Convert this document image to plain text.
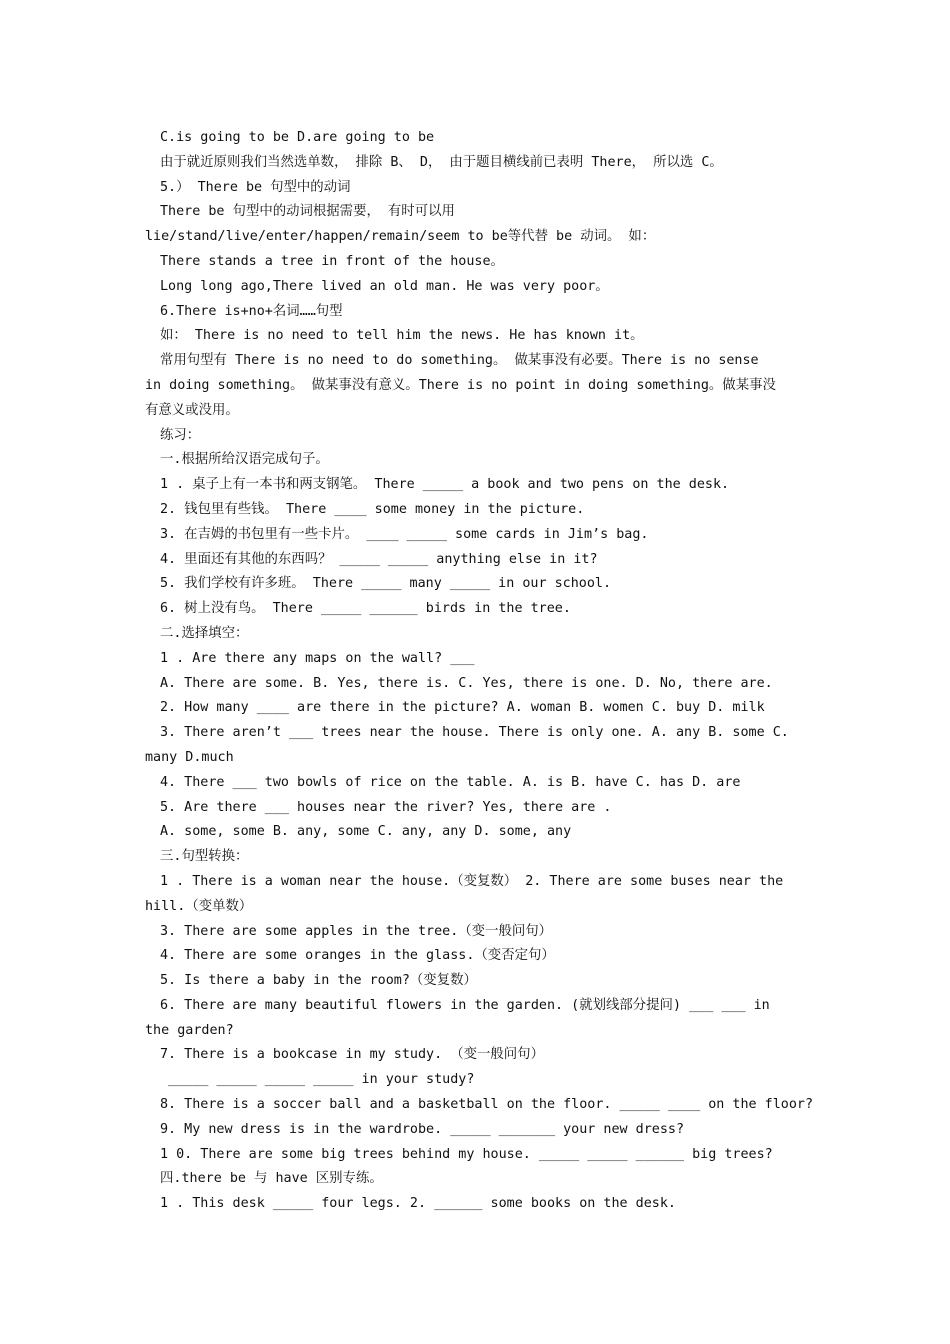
C.is going to be D.are going to be
由于就近原则我们当然选单数， 排除 B、 D， 由于题目横线前已表明 There， 所以选 C。
5.） There be 句型中的动词
There be 句型中的动词根据需要， 有时可以用
lie/stand/live/enter/happen/remain/seem to be等代替 be 动词。 如：
There stands a tree in front of the house。
Long long ago,There lived an old man. He was very poor。
6.There is+no+名词……句型
如： There is no need to tell him the news. He has known it。
常用句型有 There is no need to do something。 做某事没有必要。There is no sense
in doing something。 做某事没有意义。There is no point in doing something。做某事没
有意义或没用。
练习：
一.根据所给汉语完成句子。
1 . 桌子上有一本书和两支钢笔。 There _____ a book and two pens on the desk.
2. 钱包里有些钱。 There ____ some money in the picture.
3. 在吉姆的书包里有一些卡片。 ____ _____ some cards in Jim’s bag.
4. 里面还有其他的东西吗？ _____ _____ anything else in it?
5. 我们学校有许多班。 There _____ many _____ in our school.
6. 树上没有鸟。 There _____ ______ birds in the tree.
二.选择填空：
1 . Are there any maps on the wall? ___
A. There are some. B. Yes, there is. C. Yes, there is one. D. No, there are.
2. How many ____ are there in the picture? A. woman B. women C. buy D. milk
3. There aren’t ___ trees near the house. There is only one. A. any B. some C.
many D.much
4. There ___ two bowls of rice on the table. A. is B. have C. has D. are
5. Are there ___ houses near the river? Yes, there are .
A. some, some B. any, some C. any, any D. some, any
三.句型转换：
1 . There is a woman near the house.（变复数） 2. There are some buses near the
hill.（变单数）
3. There are some apples in the tree.（变一般问句）
4. There are some oranges in the glass.（变否定句）
5. Is there a baby in the room?（变复数）
6. There are many beautiful flowers in the garden. (就划线部分提问) ___ ___ in
the garden?
7. There is a bookcase in my study. （变一般问句）
_____ _____ _____ _____ in your study?
8. There is a soccer ball and a basketball on the floor. _____ ____ on the floor?
9. My new dress is in the wardrobe. _____ _______ your new dress?
1 0. There are some big trees behind my house. _____ _____ ______ big trees?
四.there be 与 have 区别专练。
1 . This desk _____ four legs. 2. ______ some books on the desk.
